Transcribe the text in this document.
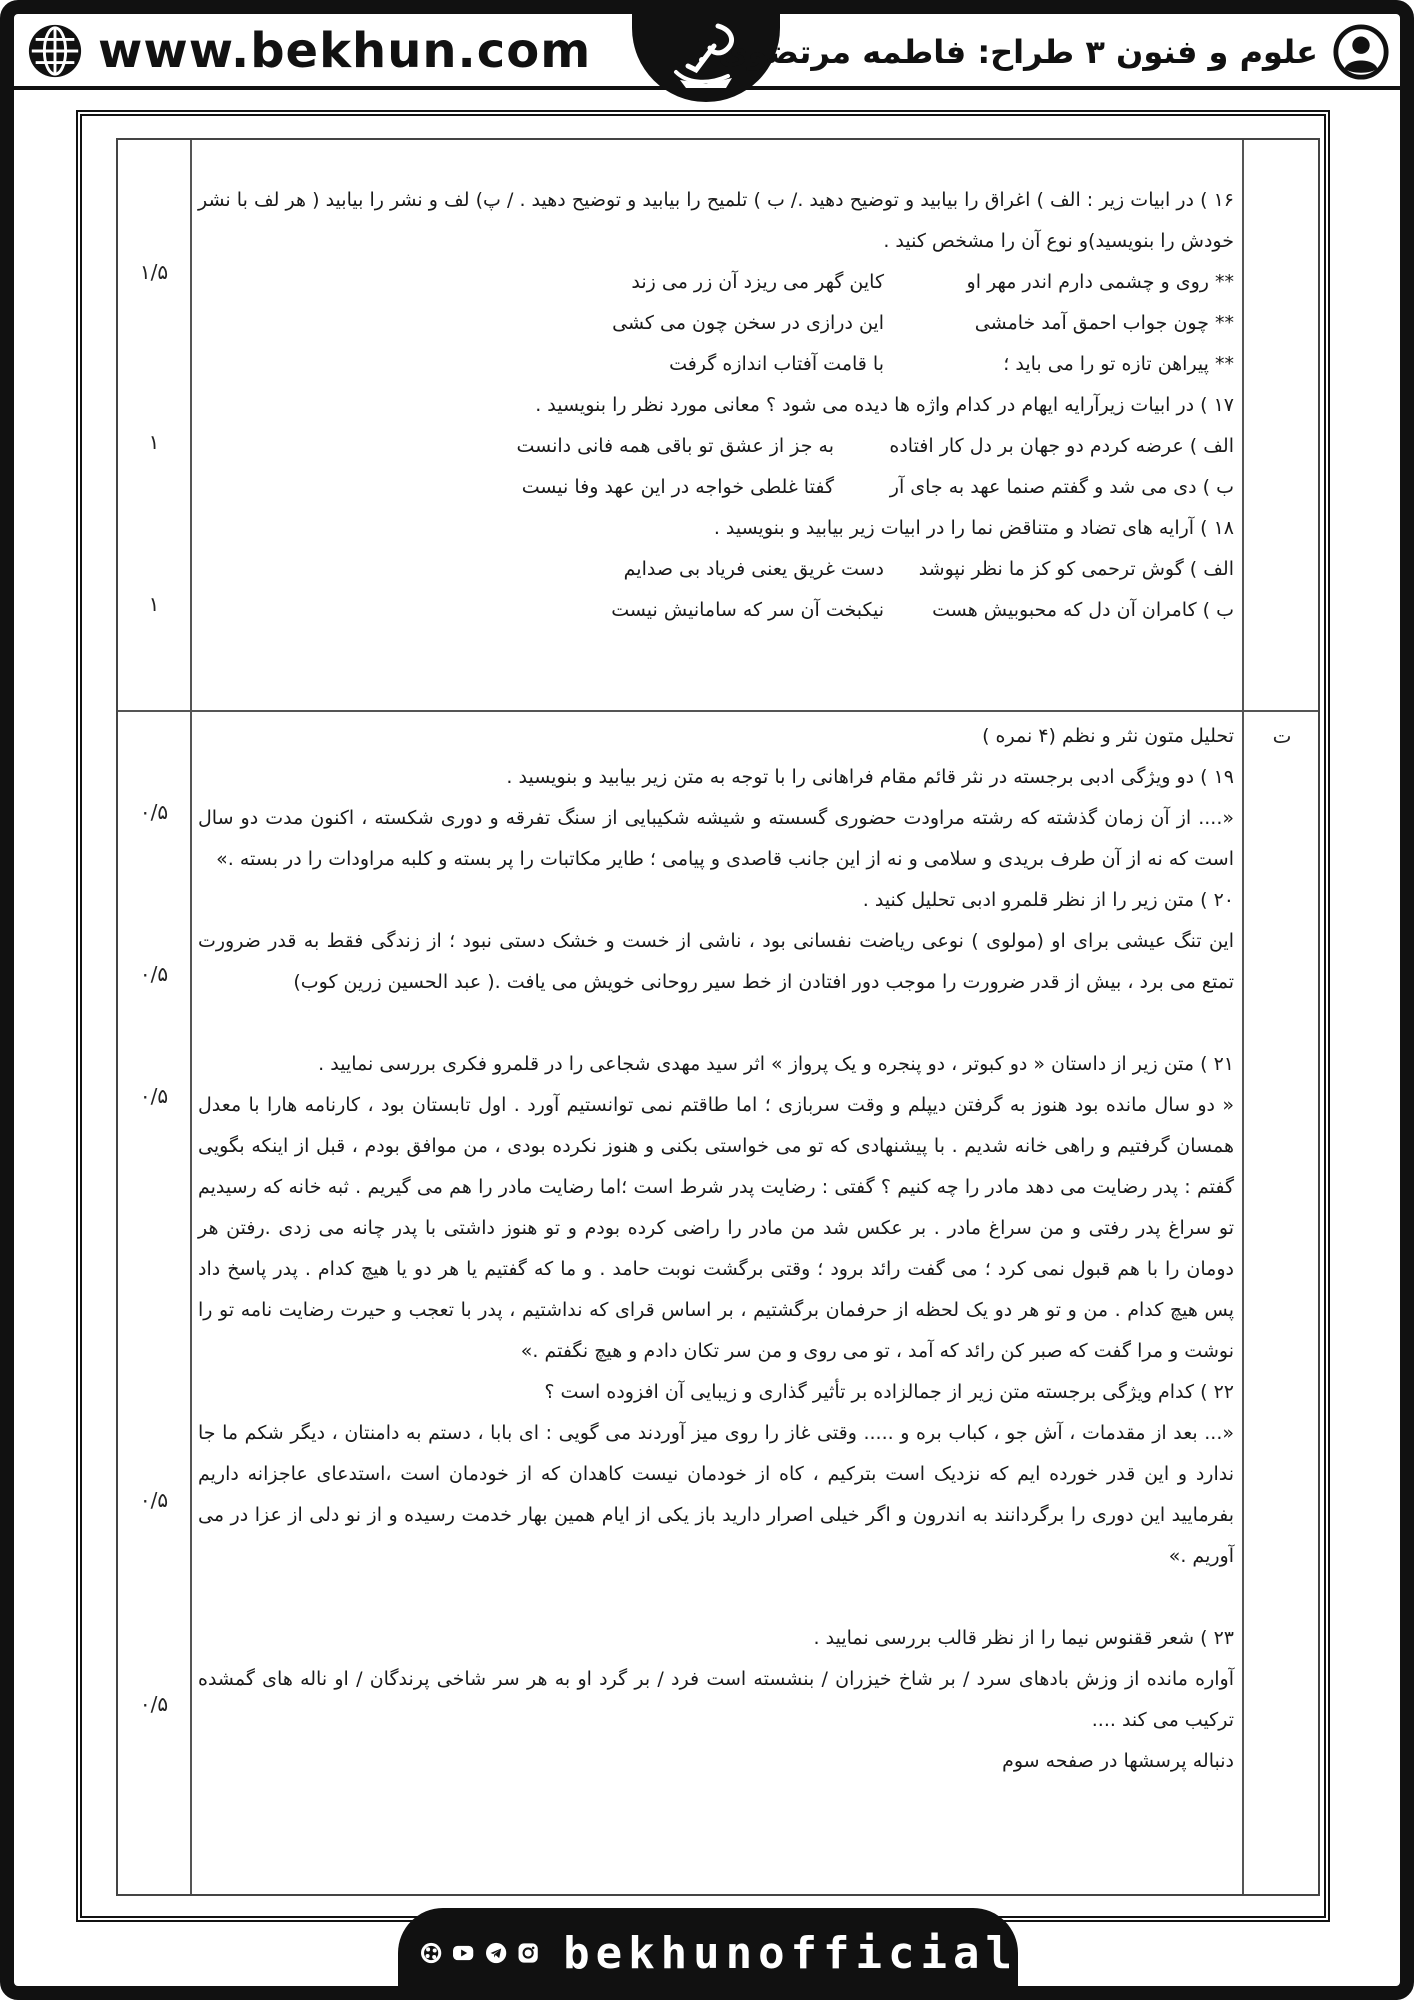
www.bekhun.com	علوم و فنون ۳ طراح: فاطمه مرتضوی
۱۶ ) در ابیات زیر : الف ) اغراق را بیابید و توضیح دهید ./ ب ) تلمیح را بیابید و توضیح دهید . / پ) لف و نشر را بیابید ( هر لف با نشر خودش را بنویسید)و نوع آن را مشخص کنید .
** روی و چشمی دارم اندر مهر او
کاین گهر می ریزد آن زر می زند
** چون جواب احمق آمد خامشی
این درازی در سخن چون می کشی
** پیراهن تازه تو را می باید ؛
با قامت آفتاب اندازه گرفت
۱۷ ) در ابیات زیرآرایه ایهام در کدام واژه ها دیده می شود ؟ معانی مورد نظر را بنویسید .
الف ) عرضه کردم دو جهان بر دل کار افتاده
به جز از عشق تو باقی همه فانی دانست
ب ) دی می شد و گفتم صنما عهد به جای آر
گفتا غلطی خواجه در این عهد وفا نیست
۱۸ ) آرایه های تضاد و متناقض نما را در ابیات زیر بیابید و بنویسید .
الف ) گوش ترحمی کو کز ما نظر نپوشد
دست غریق یعنی فریاد بی صدایم
ب ) کامران آن دل که محبوبیش هست
نیکبخت آن سر که سامانیش نیست
۱/۵
۱
۱
ت
تحلیل متون نثر و نظم (۴ نمره )
۱۹ ) دو ویژگی ادبی برجسته در نثر قائم مقام فراهانی را با توجه به متن زیر بیابید و بنویسید .
«.... از آن زمان گذشته که رشته مراودت حضوری گسسته و شیشه شکیبایی از سنگ تفرقه و دوری شکسته ، اکنون مدت دو سال است که نه از آن طرف بریدی و سلامی و نه از این جانب قاصدی و پیامی ؛ طایر مکاتبات را پر بسته و کلبه مراودات را در بسته .»
۲۰ ) متن زیر را از نظر قلمرو ادبی تحلیل کنید .
این تنگ عیشی برای او (مولوی ) نوعی ریاضت نفسانی بود ، ناشی از خست و خشک دستی نبود ؛ از زندگی فقط به قدر ضرورت تمتع می برد ، بیش از قدر ضرورت را موجب دور افتادن از خط سیر روحانی خویش می یافت .( عبد الحسین زرین کوب)
۲۱ ) متن زیر از داستان « دو کبوتر ، دو پنجره و یک پرواز » اثر سید مهدی شجاعی را در قلمرو فکری بررسی نمایید .
« دو سال مانده بود هنوز به گرفتن دیپلم و وقت سربازی ؛ اما طاقتم نمی توانستیم آورد . اول تابستان بود ، کارنامه هارا با معدل همسان گرفتیم و راهی خانه شدیم . با پیشنهادی که تو می خواستی بکنی و هنوز نکرده بودی ، من موافق بودم ، قبل از اینکه بگویی گفتم : پدر رضایت می دهد مادر را چه کنیم ؟ گفتی : رضایت پدر شرط است ؛اما رضایت مادر را هم می گیریم . ثبه خانه که رسیدیم تو سراغ پدر رفتی و من سراغ مادر . بر عکس شد من مادر را راضی کرده بودم و تو هنوز داشتی با پدر چانه می زدی .رفتن هر دومان را با هم قبول نمی کرد ؛ می گفت رائد برود ؛ وقتی برگشت نوبت حامد . و ما که گفتیم یا هر دو یا هیچ کدام . پدر پاسخ داد پس هیچ کدام . من و تو هر دو یک لحظه از حرفمان برگشتیم ، بر اساس قرای که نداشتیم ، پدر با تعجب و حیرت رضایت نامه تو را نوشت و مرا گفت که صبر کن رائد که آمد ، تو می روی و من سر تکان دادم و هیچ نگفتم .»
۲۲ ) کدام ویژگی برجسته متن زیر از جمالزاده بر تأثیر گذاری و زیبایی آن افزوده است ؟
«... بعد از مقدمات ، آش جو ، کباب بره و ..... وقتی غاز را روی میز آوردند می گویی : ای بابا ، دستم به دامنتان ، دیگر شکم ما جا ندارد و این قدر خورده ایم که نزدیک است بترکیم ، کاه از خودمان نیست کاهدان که از خودمان است ،استدعای عاجزانه داریم بفرمایید این دوری را برگردانند به اندرون و اگر خیلی اصرار دارید باز یکی از ایام همین بهار خدمت رسیده و از نو دلی از عزا در می آوریم .»
۲۳ ) شعر ققنوس نیما را از نظر قالب بررسی نمایید .
آواره مانده از وزش بادهای سرد / بر شاخ خیزران / بنشسته است فرد / بر گرد او به هر سر شاخی پرندگان / او ناله های گمشده ترکیب می کند ....
دنباله پرسشها در صفحه سوم
۰/۵
۰/۵
۰/۵
۰/۵
۰/۵
bekhunofficial
